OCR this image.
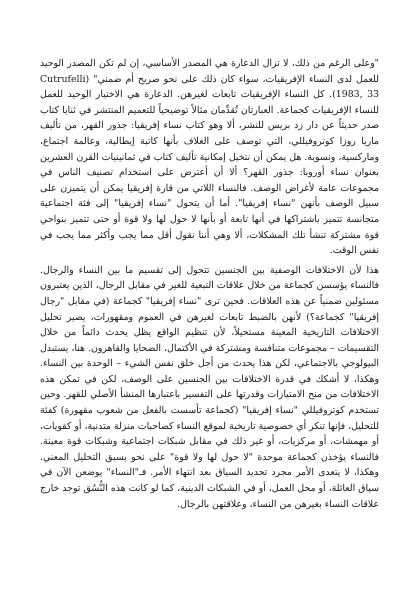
"وعلى الرغم من ذلك، لا تزال الدعارة هي المصدر الأساسي، إن لم تكن المصدر الوحيد للعمل لدى النساء الإفريقيات، سواء كان ذلك على نحو صريح أم ضمني" (Cutrufelli 1983, 33). كل النساء الإفريقيات تابعات لغيرهن. الدعارة هي الاختيار الوحيد للعمل للنساء الإفريقيات كجماعة. العبارتان تُقدِّمان مثالاً توضيحياً للتعميم المنتشر في ثنايا كتاب صدر حديثاً عن دار زد بريس للنشر، ألا وهو كتاب نساء إفريقيا: جذور القهر، من تأليف ماريا روزا كوتروفيللي، التي توصف على الغلاف بأنها كاتبة إيطالية، وعالمة اجتماع، وماركسية، ونسوية. هل يمكن أن نتخيل إمكانية تأليف كتاب في ثمانينيات القرن العشرين بعنوان نساء أوروبا: جذور القهر؟ ألا أن أعترض على استخدام تصنيف الناس في مجموعات عامة لأغراض الوصف. فالنساء اللاتي من قارة إفريقيا يمكن أن يتميزن على سبيل الوصف بأنهن "نساء إفريقيا". أما أن يتحول "نساء إفريقيا" إلى فئة اجتماعية متجانسة تتميز باشتراكها في أنها تابعة أو بأنها لا حول لها ولا قوة أو حتى تتميز بنواحي قوة مشتركة تنشأ تلك المشكلات، ألا وهي أننا نقول أقل مما يجب وأكثر مما يجب في نفس الوقت.

هذا لأن الاختلافات الوصفية بين الجنسين تتحول إلى تقسيم ما بين النساء والرجال. فالنساء يؤسسن كجماعة من خلال علاقات التبعية للغير في مقابل الرجال، الذين يعتبرون مسئولين ضمنياً عن هذه العلاقات. فحين ترى "نساء إفريقيا" كجماعة (في مقابل "رجال إفريقيا" كجماعة؟) لأنهن بالضبط تابعات لغيرهن في العموم ومقهورات، يصير تحليل الاختلافات التاريخية المعينة مستحيلاً، لأن تنظيم الواقع يظل يحدث دائماً من خلال التقسيمات – مجموعات متنافسة ومشتركة في الأكتمال، الضحايا والقاهرون. هنا، يستبدل البيولوجي بالاجتماعي، لكن هذا يحدث من أجل خلق نفس الشيء – الوحدة بين النساء. وهكذا، لا أشكك في قدرة الاختلافات بين الجنسين على الوصف، لكن في تمكن هذه الاختلافات من منح الامتيازات وقدرتها على التفسير باعتبارها المنشأ الأصلي للقهر. وحين تستخدم كوتروفيللي "نساء إفريقيا" (كجماعة تأسست بالفعل من شعوب مقهورة) كفئة للتحليل، فإنها تنكر أي خصوصية تاريخية لموقع النساء كصاحبات منزلة متدنية، أو كقويات، أو مهمشات، أو مركزيات، أو غير ذلك في مقابل شبكات اجتماعية وشبكات قوة معينة. فالنساء يؤخذن كجماعة موحدة "لا حول لها ولا قوة" على نحو يسبق التحليل المعني. وهكذا، لا يتعدى الأمر مجرد تحديد السياق بعد انتهاء الأمر. فـ"النساء" يوضعن الآن في سياق العائلة، أو محل العمل، أو في الشبكات الدينية، كما لو كانت هذه النُّسُق توجد خارج علاقات النساء بغيرهن من النساء، وعلاقتهن بالرجال.
